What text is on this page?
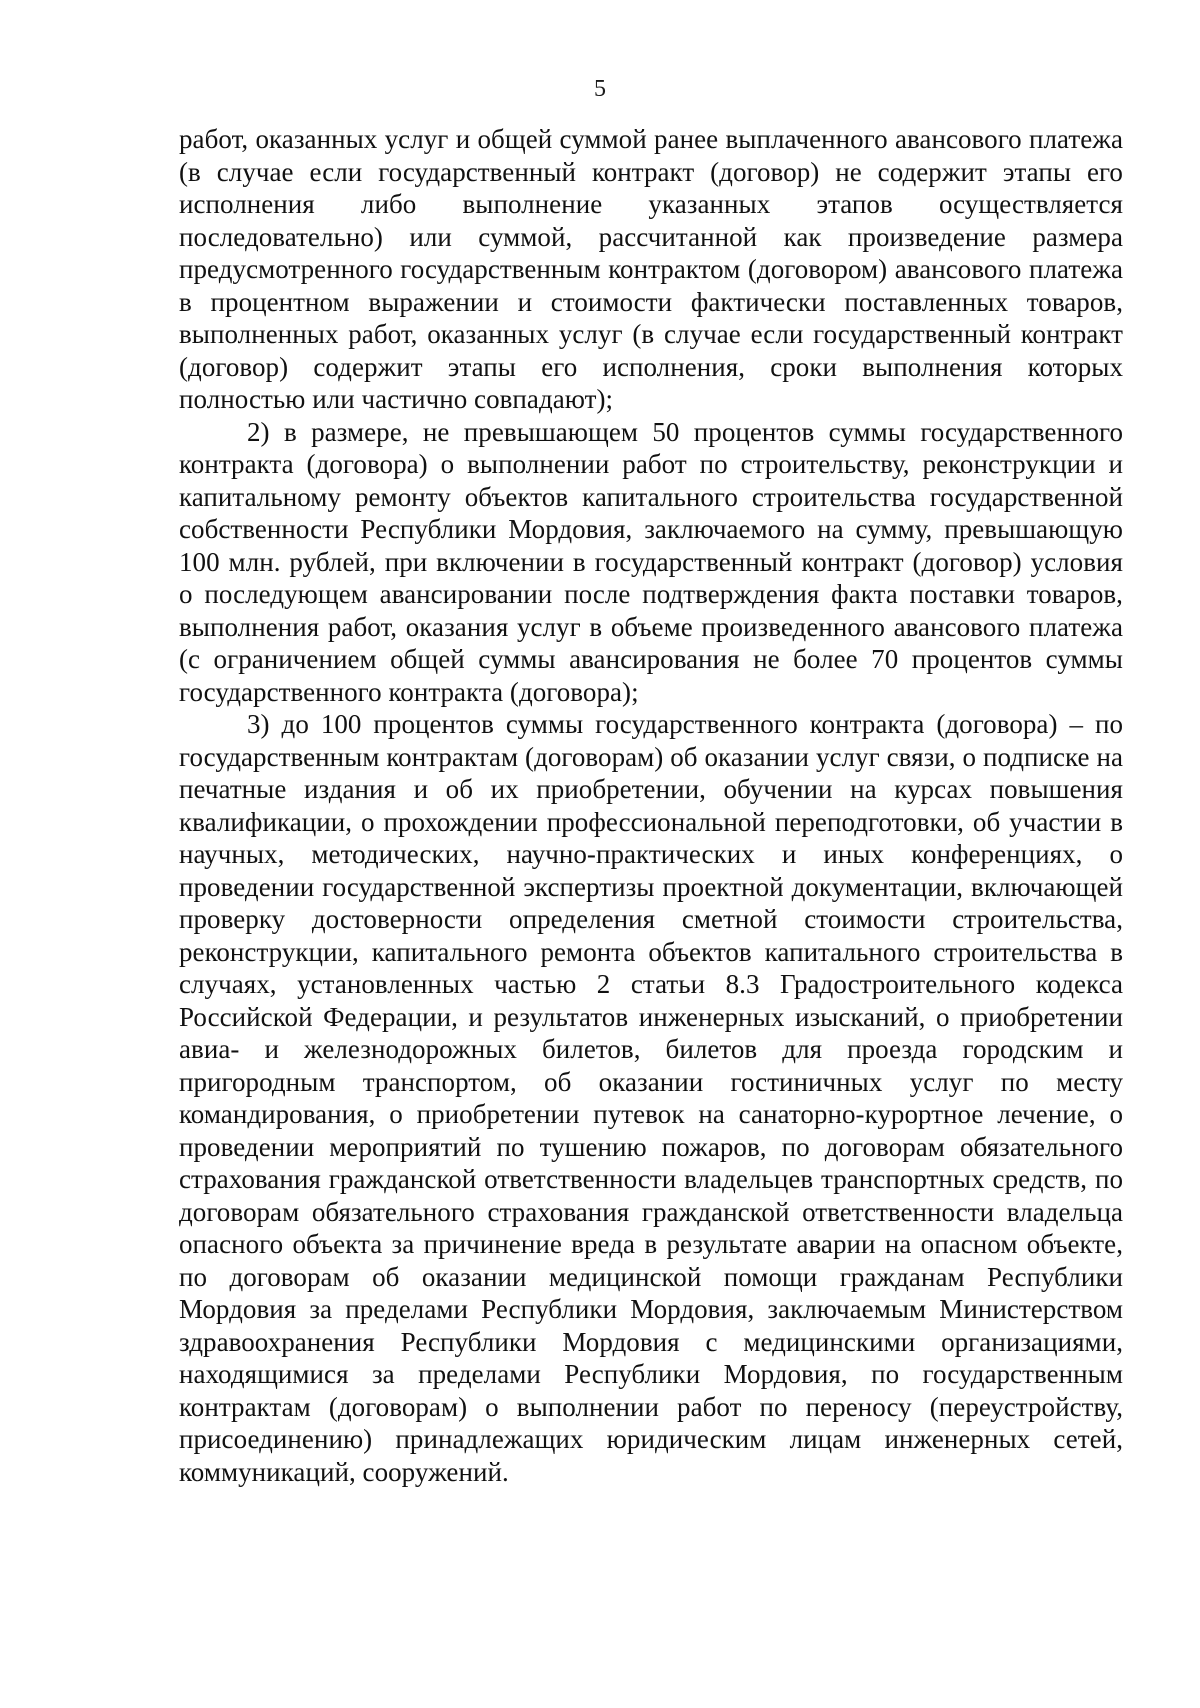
5

работ, оказанных услуг и общей суммой ранее выплаченного авансового платежа (в случае если государственный контракт (договор) не содержит этапы его исполнения либо выполнение указанных этапов осуществляется последовательно) или суммой, рассчитанной как произведение размера предусмотренного государственным контрактом (договором) авансового платежа в процентном выражении и стоимости фактически поставленных товаров, выполненных работ, оказанных услуг (в случае если государственный контракт (договор) содержит этапы его исполнения, сроки выполнения которых полностью или частично совпадают);

2) в размере, не превышающем 50 процентов суммы государственного контракта (договора) о выполнении работ по строительству, реконструкции и капитальному ремонту объектов капитального строительства государственной собственности Республики Мордовия, заключаемого на сумму, превышающую 100 млн. рублей, при включении в государственный контракт (договор) условия о последующем авансировании после подтверждения факта поставки товаров, выполнения работ, оказания услуг в объеме произведенного авансового платежа (с ограничением общей суммы авансирования не более 70 процентов суммы государственного контракта (договора);

3) до 100 процентов суммы государственного контракта (договора) – по государственным контрактам (договорам) об оказании услуг связи, о подписке на печатные издания и об их приобретении, обучении на курсах повышения квалификации, о прохождении профессиональной переподготовки, об участии в научных, методических, научно-практических и иных конференциях, о проведении государственной экспертизы проектной документации, включающей проверку достоверности определения сметной стоимости строительства, реконструкции, капитального ремонта объектов капитального строительства в случаях, установленных частью 2 статьи 8.3 Градостроительного кодекса Российской Федерации, и результатов инженерных изысканий, о приобретении авиа- и железнодорожных билетов, билетов для проезда городским и пригородным транспортом, об оказании гостиничных услуг по месту командирования, о приобретении путевок на санаторно-курортное лечение, о проведении мероприятий по тушению пожаров, по договорам обязательного страхования гражданской ответственности владельцев транспортных средств, по договорам обязательного страхования гражданской ответственности владельца опасного объекта за причинение вреда в результате аварии на опасном объекте, по договорам об оказании медицинской помощи гражданам Республики Мордовия за пределами Республики Мордовия, заключаемым Министерством здравоохранения Республики Мордовия с медицинскими организациями, находящимися за пределами Республики Мордовия, по государственным контрактам (договорам) о выполнении работ по переносу (переустройству, присоединению) принадлежащих юридическим лицам инженерных сетей, коммуникаций, сооружений.
